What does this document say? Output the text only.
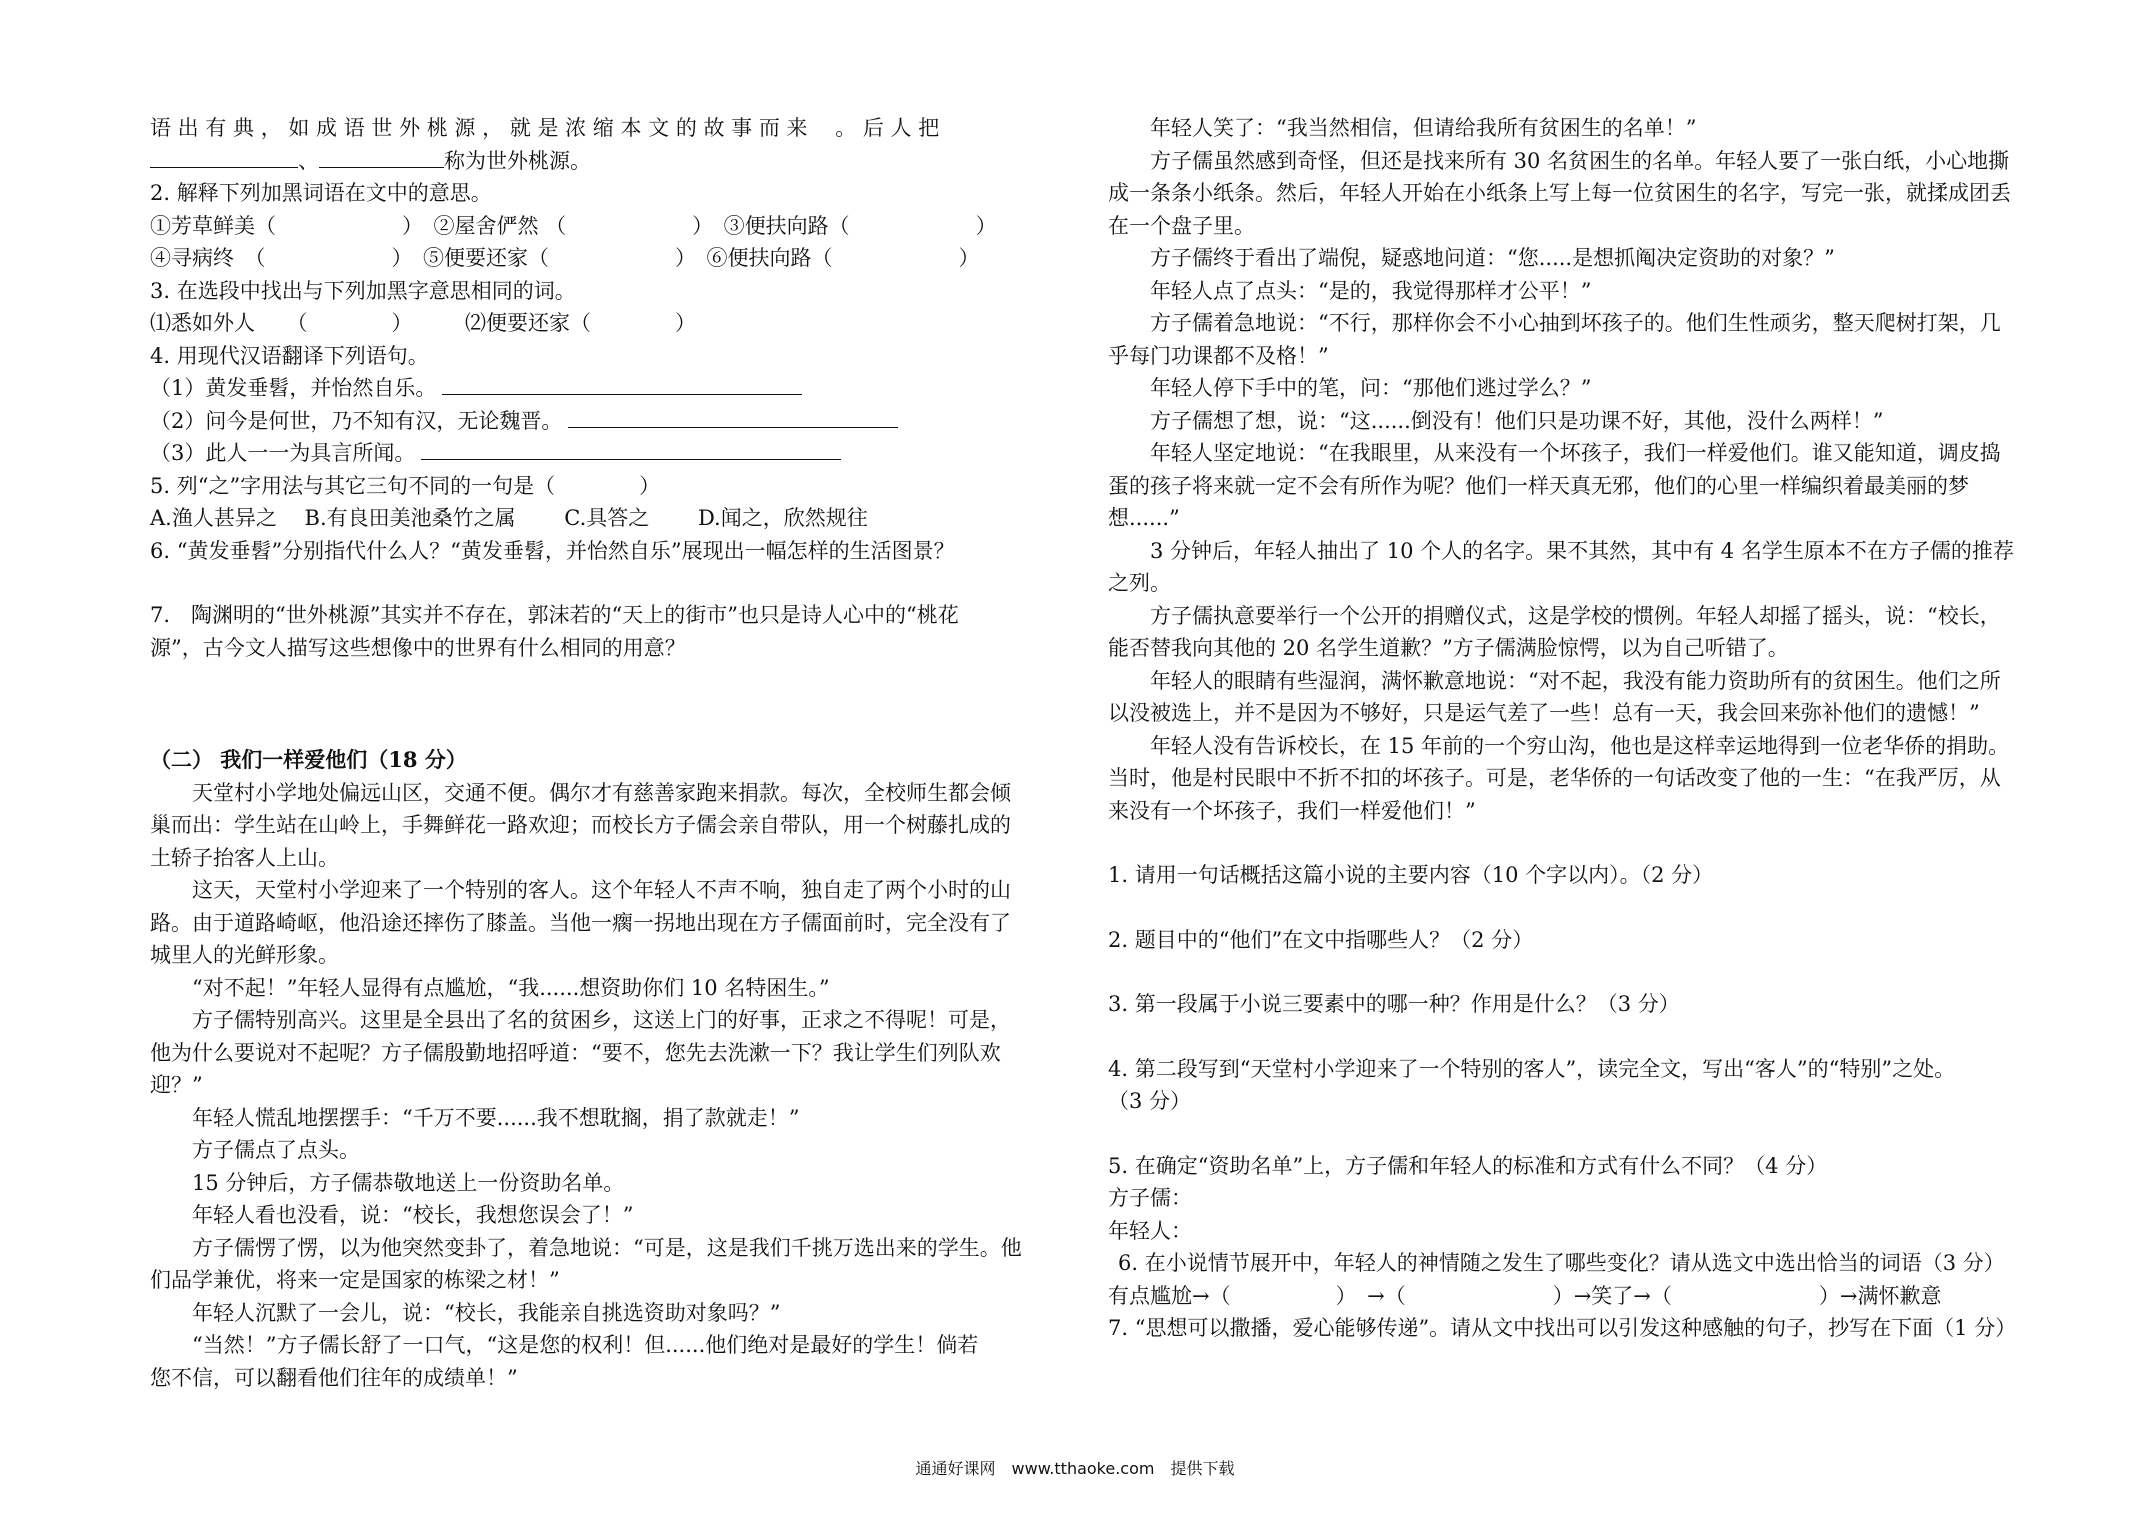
语 出 有 典 ， 如 成 语 世 外 桃 源 ， 就 是 浓 缩 本 文 的 故 事 而 来 　。 后 人 把
、	称为世外桃源。
2. 解释下列加黑词语在文中的意思。
①芳草鲜美（　　　　　　）　②屋舍俨然 （　　　　　　）　③便扶向路（　　　　　　）
④寻病终　（　　　　　　）　⑤便要还家（　　　　　　）　⑥便扶向路（　　　　　　）
3. 在选段中找出与下列加黑字意思相同的词。
⑴悉如外人　　（　　　　）　　　⑵便要还家（　　　　）
4. 用现代汉语翻译下列语句。
（1）黄发垂髫，并怡然自乐。
（2）问今是何世，乃不知有汉，无论魏晋。
（3）此人一一为具言所闻。
5. 列“之”字用法与其它三句不同的一句是（　　　　）
A.渔人甚异之　 B.有良田美池桑竹之属　　 C.具答之　　 D.闻之，欣然规往
6. “黄发垂髫”分别指代什么人？“黄发垂髫，并怡然自乐”展现出一幅怎样的生活图景？
7.　陶渊明的“世外桃源”其实并不存在，郭沫若的“天上的街市”也只是诗人心中的“桃花
源”，古今文人描写这些想像中的世界有什么相同的用意？
（二） 我们一样爱他们（18 分）
天堂村小学地处偏远山区，交通不便。偶尔才有慈善家跑来捐款。每次，全校师生都会倾
巢而出：学生站在山岭上，手舞鲜花一路欢迎；而校长方子儒会亲自带队，用一个树藤扎成的
土轿子抬客人上山。
这天，天堂村小学迎来了一个特别的客人。这个年轻人不声不响，独自走了两个小时的山
路。由于道路崎岖，他沿途还摔伤了膝盖。当他一瘸一拐地出现在方子儒面前时，完全没有了
城里人的光鲜形象。
“对不起！”年轻人显得有点尴尬，“我......想资助你们 10 名特困生。”
方子儒特别高兴。这里是全县出了名的贫困乡，这送上门的好事，正求之不得呢！可是，
他为什么要说对不起呢？方子儒殷勤地招呼道：“要不，您先去洗漱一下？我让学生们列队欢
迎？”
年轻人慌乱地摆摆手：“千万不要......我不想耽搁，捐了款就走！”
方子儒点了点头。
15 分钟后，方子儒恭敬地送上一份资助名单。
年轻人看也没看，说：“校长，我想您误会了！”
方子儒愣了愣，以为他突然变卦了，着急地说：“可是，这是我们千挑万选出来的学生。他
们品学兼优，将来一定是国家的栋梁之材！”
年轻人沉默了一会儿，说：“校长，我能亲自挑选资助对象吗？”
“当然！”方子儒长舒了一口气，“这是您的权利！但......他们绝对是最好的学生！倘若
您不信，可以翻看他们往年的成绩单！”
年轻人笑了：“我当然相信，但请给我所有贫困生的名单！”
方子儒虽然感到奇怪，但还是找来所有 30 名贫困生的名单。年轻人要了一张白纸，小心地撕
成一条条小纸条。然后，年轻人开始在小纸条上写上每一位贫困生的名字，写完一张，就揉成团丢
在一个盘子里。
方子儒终于看出了端倪，疑惑地问道：“您.....是想抓阄决定资助的对象？”
年轻人点了点头：“是的，我觉得那样才公平！”
方子儒着急地说：“不行，那样你会不小心抽到坏孩子的。他们生性顽劣，整天爬树打架，几
乎每门功课都不及格！”
年轻人停下手中的笔，问：“那他们逃过学么？”
方子儒想了想，说：“这......倒没有！他们只是功课不好，其他，没什么两样！”
年轻人坚定地说：“在我眼里，从来没有一个坏孩子，我们一样爱他们。谁又能知道，调皮捣
蛋的孩子将来就一定不会有所作为呢？他们一样天真无邪，他们的心里一样编织着最美丽的梦
想......”
3 分钟后，年轻人抽出了 10 个人的名字。果不其然，其中有 4 名学生原本不在方子儒的推荐
之列。
方子儒执意要举行一个公开的捐赠仪式，这是学校的惯例。年轻人却摇了摇头，说：“校长，
能否替我向其他的 20 名学生道歉？”方子儒满脸惊愕，以为自己听错了。
年轻人的眼睛有些湿润，满怀歉意地说：“对不起，我没有能力资助所有的贫困生。他们之所
以没被选上，并不是因为不够好，只是运气差了一些！总有一天，我会回来弥补他们的遗憾！”
年轻人没有告诉校长，在 15 年前的一个穷山沟，他也是这样幸运地得到一位老华侨的捐助。
当时，他是村民眼中不折不扣的坏孩子。可是，老华侨的一句话改变了他的一生：“在我严厉，从
来没有一个坏孩子，我们一样爱他们！”
1. 请用一句话概括这篇小说的主要内容（10 个字以内）。（2 分）
2. 题目中的“他们”在文中指哪些人？（2 分）
3. 第一段属于小说三要素中的哪一种？作用是什么？（3 分）
4. 第二段写到“天堂村小学迎来了一个特别的客人”，读完全文，写出“客人”的“特别”之处。
（3 分）
5. 在确定“资助名单”上，方子儒和年轻人的标准和方式有什么不同？（4 分）
方子儒：
年轻人：
6. 在小说情节展开中，年轻人的神情随之发生了哪些变化？请从选文中选出恰当的词语（3 分）
有点尴尬→（　　　　　）　→（　　　　　　　）→笑了→（　　　　　　　）→满怀歉意
7. “思想可以撒播，爱心能够传递”。请从文中找出可以引发这种感触的句子，抄写在下面（1 分）
通通好课网　www.tthaoke.com　提供下载
